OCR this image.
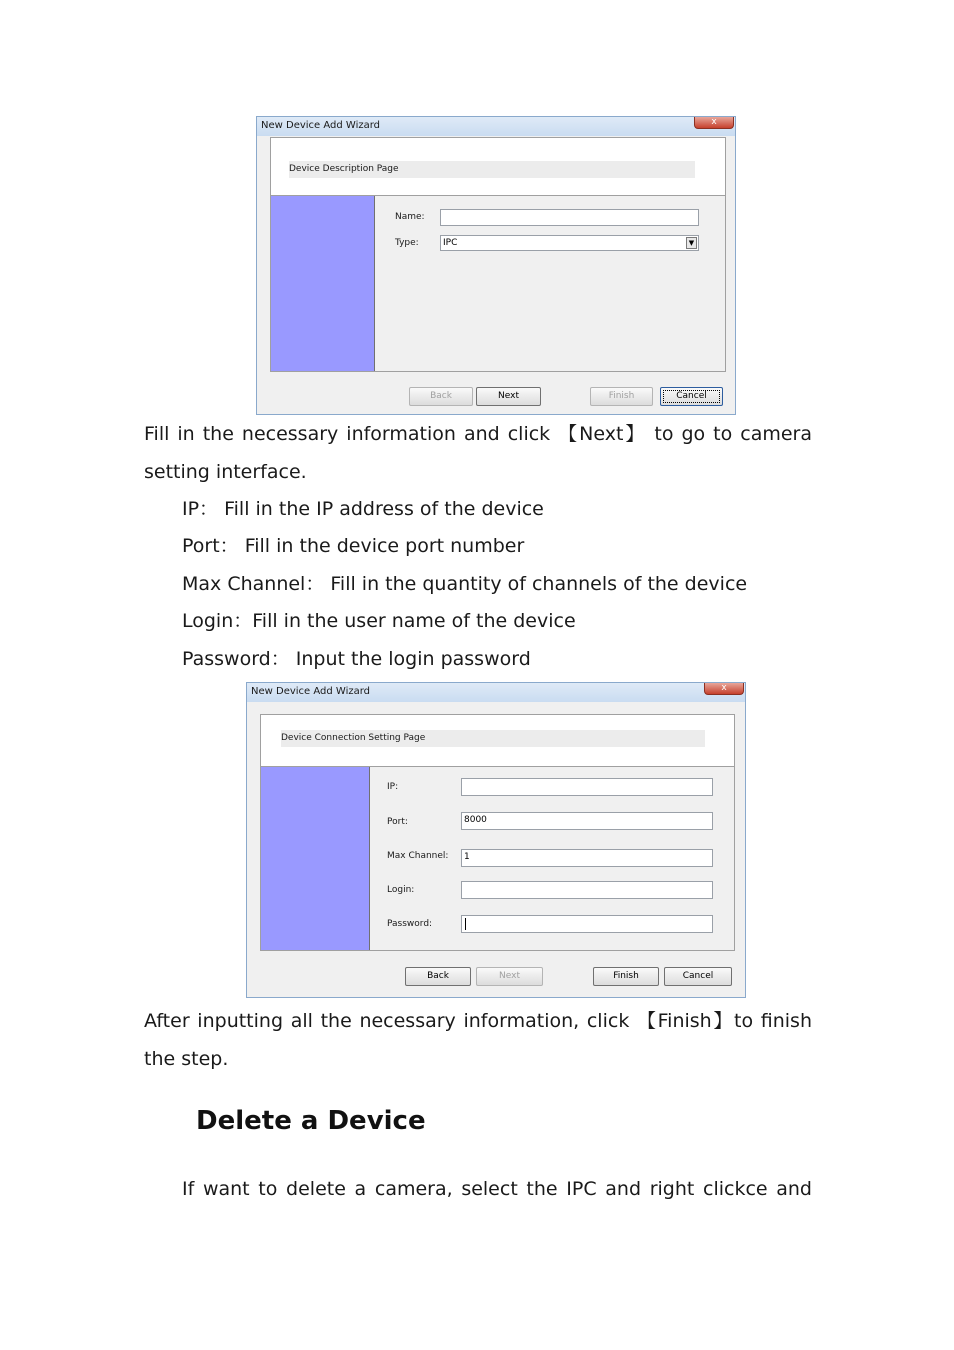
New Device Add Wizard	x
Device Description Page
Name:
Type:	IPC	▼
Back	Next	Finish	Cancel

Fill in the necessary information and click 【Next】 to go to camera

setting interface.

IP： Fill in the IP address of the device

Port： Fill in the device port number

Max Channel： Fill in the quantity of channels of the device

Login：Fill in the user name of the device

Password： Input the login password

New Device Add Wizard	x
Device Connection Setting Page
IP:
Port:	8000
Max Channel:	1
Login:
Password:
Back	Next	Finish	Cancel

After inputting all the necessary information, click 【Finish】to finish

the step.

Delete a Device

If want to delete a camera, select the IPC and right clickce and
